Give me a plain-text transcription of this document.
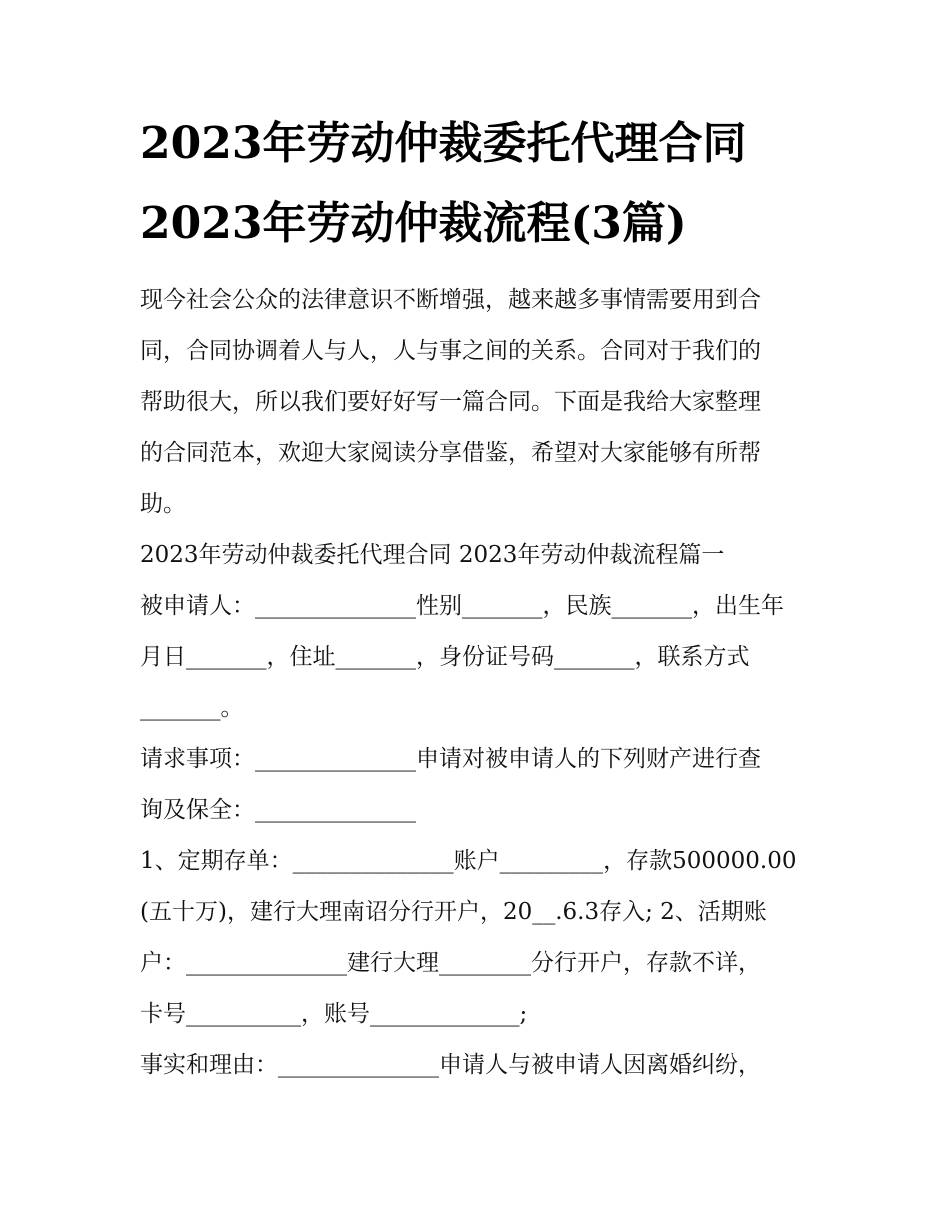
2023年劳动仲裁委托代理合同
2023年劳动仲裁流程(3篇)

现今社会公众的法律意识不断增强，越来越多事情需要用到合

同，合同协调着人与人，人与事之间的关系。合同对于我们的

帮助很大，所以我们要好好写一篇合同。下面是我给大家整理

的合同范本，欢迎大家阅读分享借鉴，希望对大家能够有所帮

助。

2023年劳动仲裁委托代理合同 2023年劳动仲裁流程篇一

被申请人：______________性别_______，民族_______，出生年

月日_______，住址_______，身份证号码_______，联系方式

_______。

请求事项：______________申请对被申请人的下列财产进行查

询及保全：______________

1、定期存单：______________账户_________，存款500000.00

(五十万)，建行大理南诏分行开户，20__.6.3存入; 2、活期账

户：______________建行大理________分行开户，存款不详，

卡号__________，账号_____________;

事实和理由：______________申请人与被申请人因离婚纠纷，
